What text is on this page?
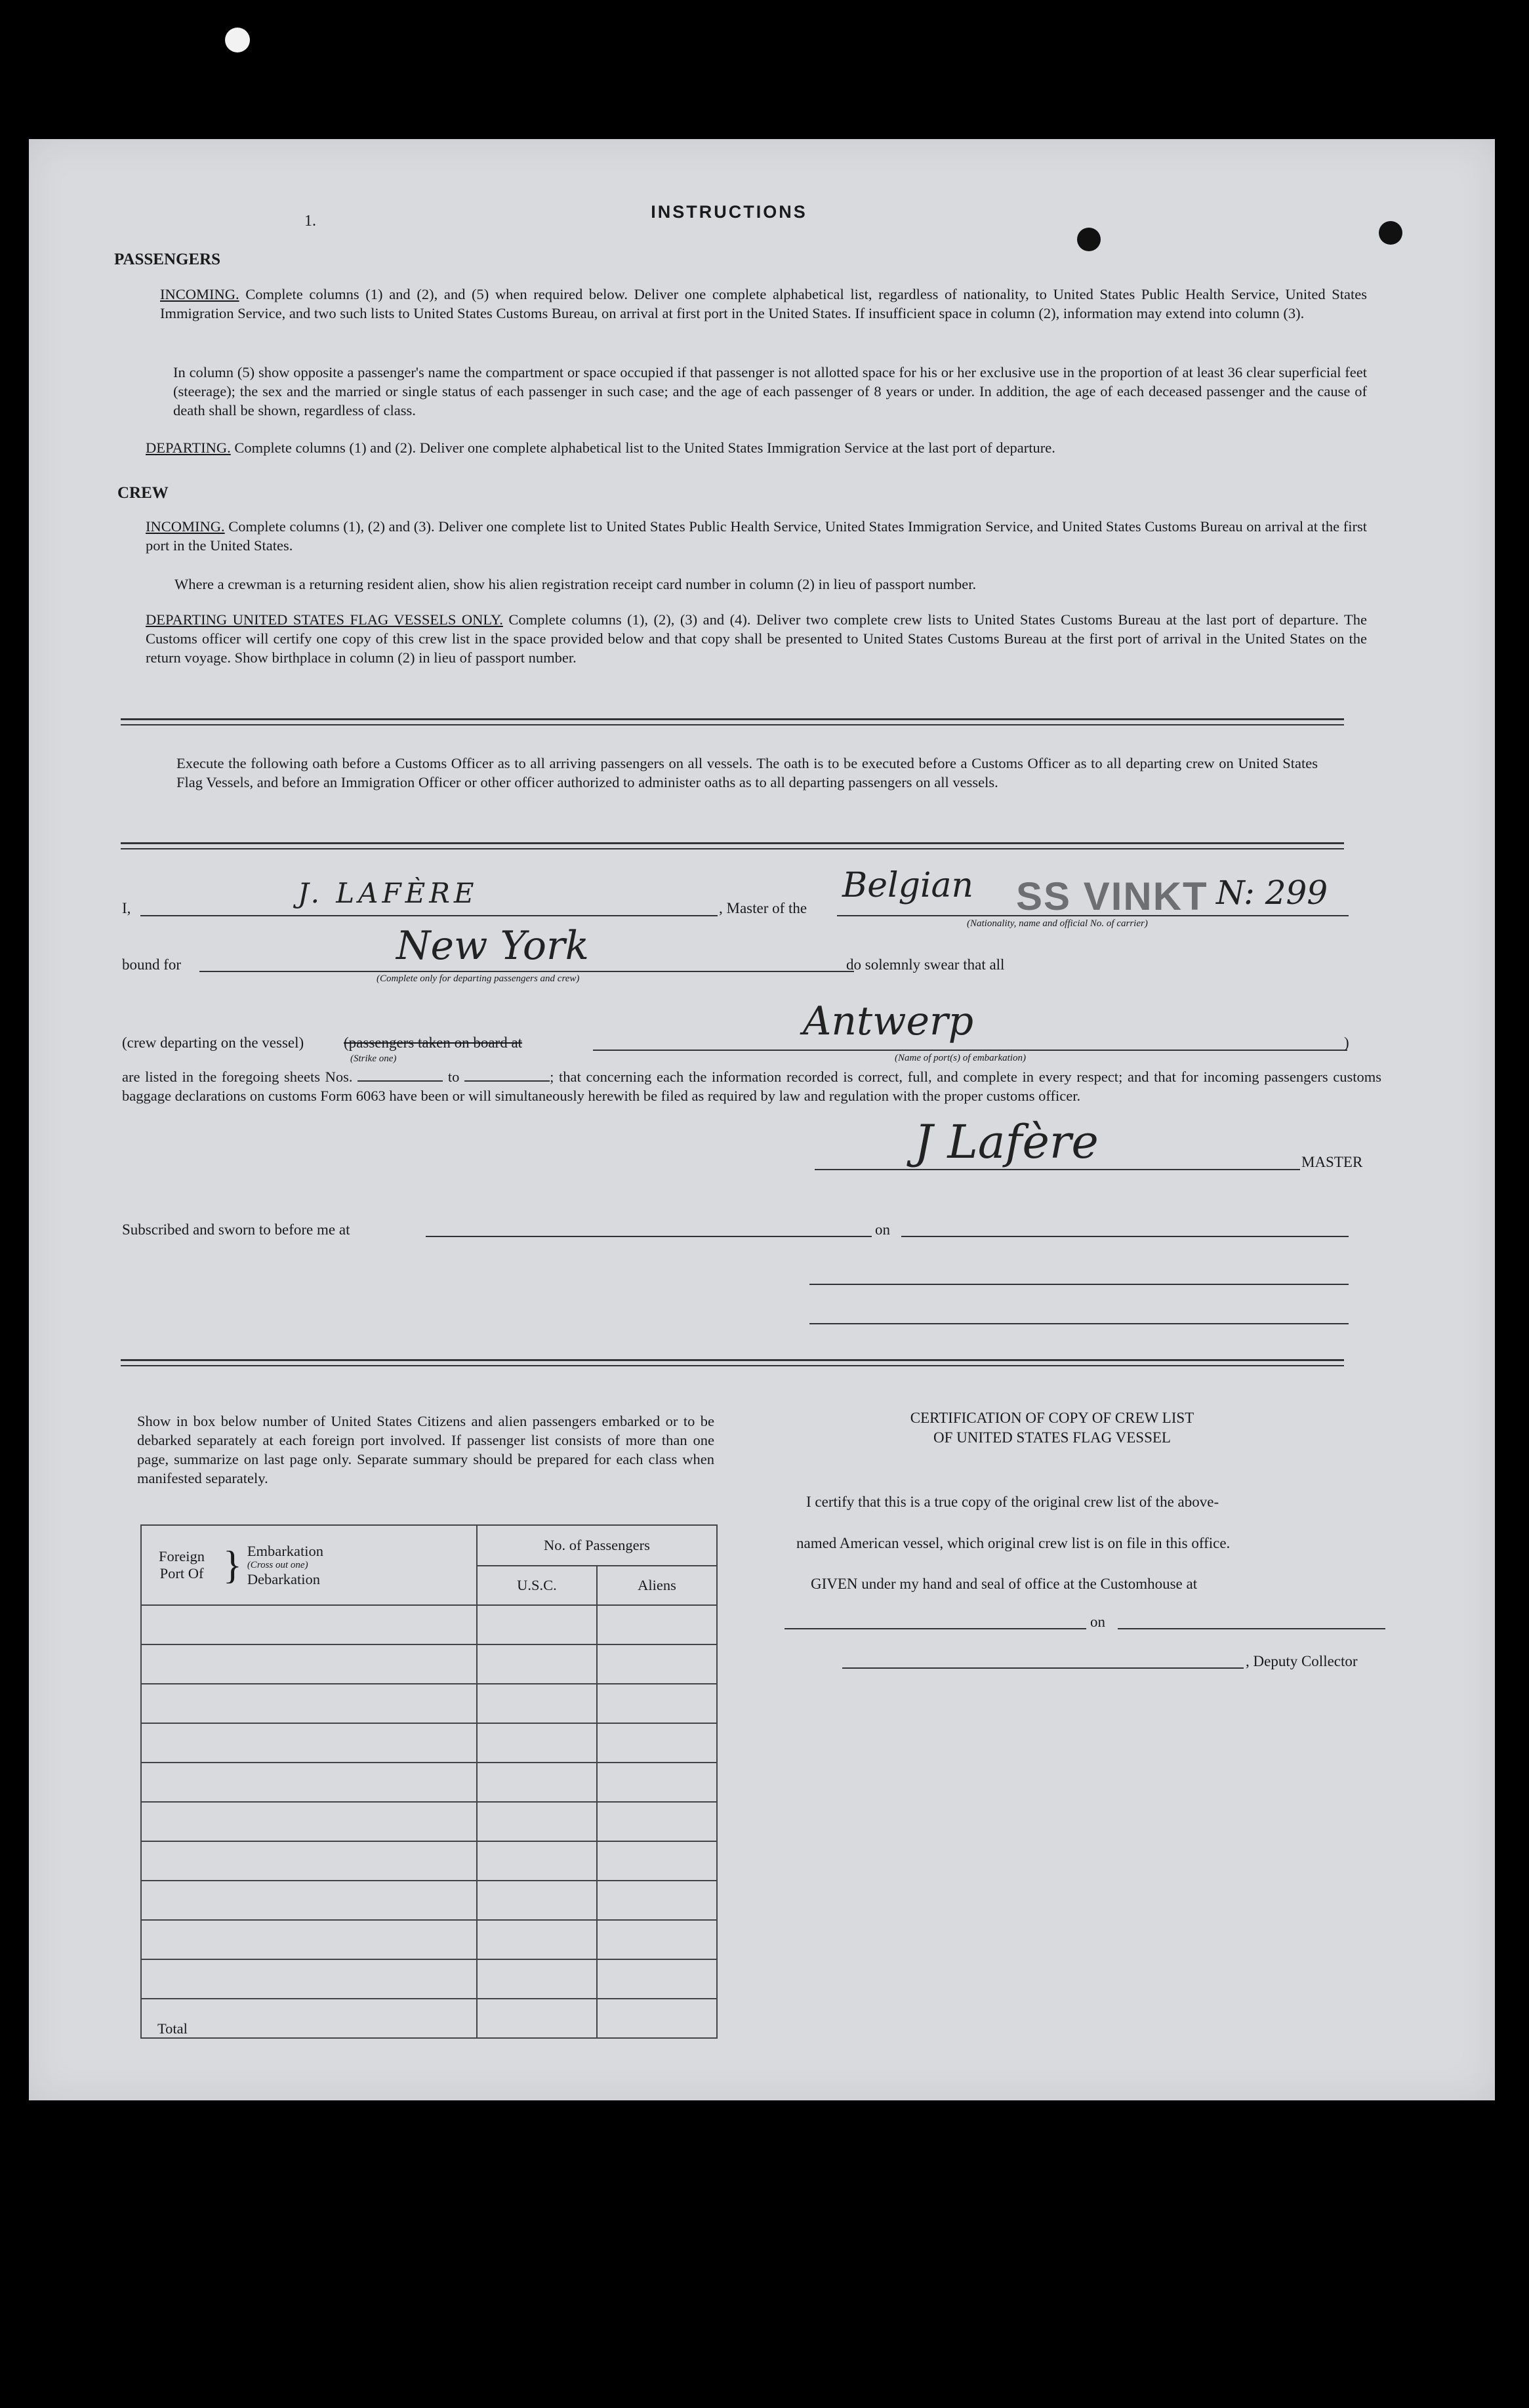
1.	INSTRUCTIONS
PASSENGERS
INCOMING. Complete columns (1) and (2), and (5) when required below. Deliver one complete alphabetical list, regardless of nationality, to United States Public Health Service, United States Immigration Service, and two such lists to United States Customs Bureau, on arrival at first port in the United States. If insufficient space in column (2), information may extend into column (3).
In column (5) show opposite a passenger's name the compartment or space occupied if that passenger is not allotted space for his or her exclusive use in the proportion of at least 36 clear superficial feet (steerage); the sex and the married or single status of each passenger in such case; and the age of each passenger of 8 years or under. In addition, the age of each deceased passenger and the cause of death shall be shown, regardless of class.
DEPARTING. Complete columns (1) and (2). Deliver one complete alphabetical list to the United States Immigration Service at the last port of departure.
CREW
INCOMING. Complete columns (1), (2) and (3). Deliver one complete list to United States Public Health Service, United States Immigration Service, and United States Customs Bureau on arrival at the first port in the United States.
Where a crewman is a returning resident alien, show his alien registration receipt card number in column (2) in lieu of passport number.
DEPARTING UNITED STATES FLAG VESSELS ONLY. Complete columns (1), (2), (3) and (4). Deliver two complete crew lists to United States Customs Bureau at the last port of departure. The Customs officer will certify one copy of this crew list in the space provided below and that copy shall be presented to United States Customs Bureau at the first port of arrival in the United States on the return voyage. Show birthplace in column (2) in lieu of passport number.
Execute the following oath before a Customs Officer as to all arriving passengers on all vessels. The oath is to be executed before a Customs Officer as to all departing crew on United States Flag Vessels, and before an Immigration Officer or other officer authorized to administer oaths as to all departing passengers on all vessels.
I,	J. LAFÈRE	, Master of the
Belgian SS VINKT N: 299
(Nationality, name and official No. of carrier)
bound for	New York
(Complete only for departing passengers and crew)
do solemnly swear that all
(crew departing on the vessel)	(passengers taken on board at
(Strike one)
Antwerp
(Name of port(s) of embarkation)
)
are listed in the foregoing sheets Nos.	to	; that concerning each the information recorded is correct, full, and complete in every respect; and that for incoming passengers customs baggage declarations on customs Form 6063 have been or will simultaneously herewith be filed as required by law and regulation with the proper customs officer.
J Lafère	MASTER
Subscribed and sworn to before me at	on
Show in box below number of United States Citizens and alien passengers embarked or to be debarked separately at each foreign port involved. If passenger list consists of more than one page, summarize on last page only. Separate summary should be prepared for each class when manifested separately.
Foreign Port Of } Embarkation
(Cross out one)
Debarkation	No. of Passengers	
	U.S.C.	Aliens

Total		
CERTIFICATION OF COPY OF CREW LIST
OF UNITED STATES FLAG VESSEL
I certify that this is a true copy of the original crew list of the above-
named American vessel, which original crew list is on file in this office.
GIVEN under my hand and seal of office at the Customhouse at
on
, Deputy Collector
